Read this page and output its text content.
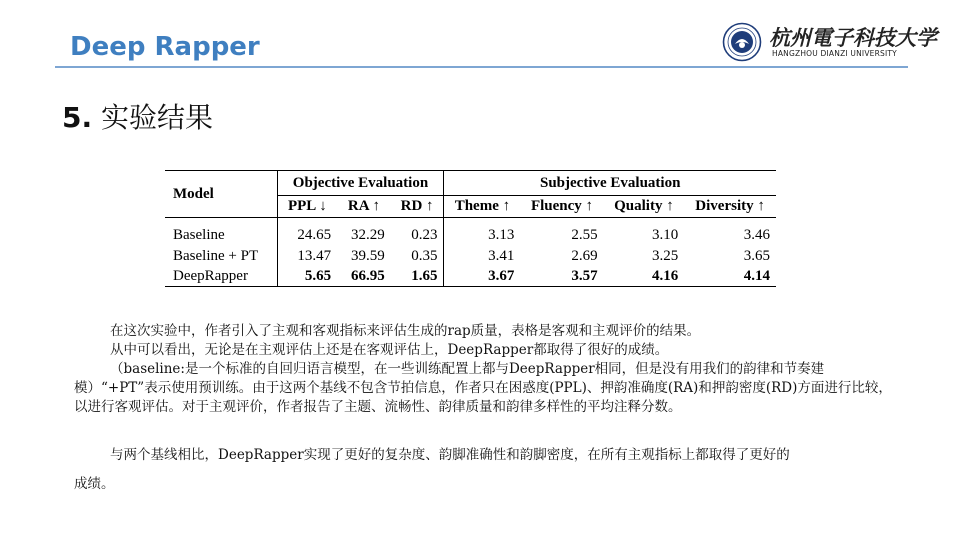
Deep Rapper	杭州電子科技大学
HANGZHOU DIANZI UNIVERSITY
5. 实验结果
Model	Objective Evaluation			Subjective Evaluation			
	PPL ↓	RA ↑	RD ↑	Theme ↑	Fluency ↑	Quality ↑	Diversity ↑
Baseline	24.65	32.29	0.23	3.13	2.55	3.10	3.46
Baseline + PT	13.47	39.59	0.35	3.41	2.69	3.25	3.65
DeepRapper	5.65	66.95	1.65	3.67	3.57	4.16	4.14
在这次实验中，作者引入了主观和客观指标来评估生成的rap质量，表格是客观和主观评价的结果。
从中可以看出，无论是在主观评估上还是在客观评估上，DeepRapper都取得了很好的成绩。
（baseline:是一个标准的自回归语言模型，在一些训练配置上都与DeepRapper相同，但是没有用我们的韵律和节奏建模）“+PT”表示使用预训练。由于这两个基线不包含节拍信息，作者只在困惑度(PPL)、押韵准确度(RA)和押韵密度(RD)方面进行比较，以进行客观评估。对于主观评价，作者报告了主题、流畅性、韵律质量和韵律多样性的平均注释分数。
与两个基线相比，DeepRapper实现了更好的复杂度、韵脚准确性和韵脚密度，在所有主观指标上都取得了更好的
成绩。
